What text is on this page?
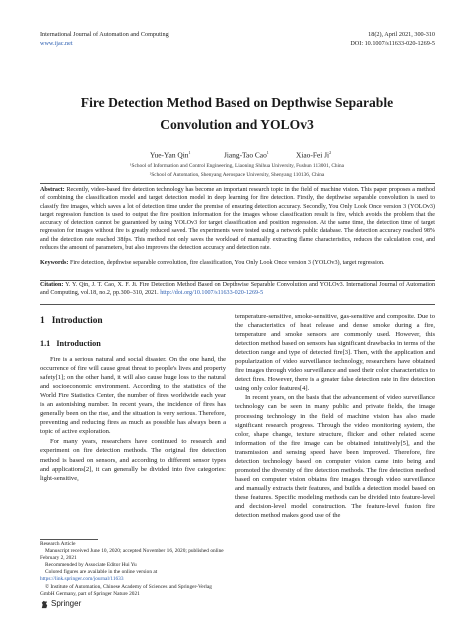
International Journal of Automation and Computing
www.ijac.net
18(2), April 2021, 300-310
DOI: 10.1007/s11633-020-1269-5
Fire Detection Method Based on Depthwise Separable
Convolution and YOLOv3
Yue-Yan Qin$^1$	Jiang-Tao Cao$^1$	Xiao-Fei Ji$^2$
¹School of Information and Control Engineering, Liaoning Shihua University, Fushun 113001, China
²School of Automation, Shenyang Aerospace University, Shenyang 110136, China
Abstract: Recently, video-based fire detection technology has become an important research topic in the field of machine vision. This paper proposes a method of combining the classification model and target detection model in deep learning for fire detection. Firstly, the depthwise separable convolution is used to classify fire images, which saves a lot of detection time under the premise of ensuring detection accuracy. Secondly, You Only Look Once version 3 (YOLOv3) target regression function is used to output the fire position information for the images whose classification result is fire, which avoids the problem that the accuracy of detection cannot be guaranteed by using YOLOv3 for target classification and position regression. At the same time, the detection time of target regression for images without fire is greatly reduced saved. The experiments were tested using a network public database. The detection accuracy reached 98% and the detection rate reached 38fps. This method not only saves the workload of manually extracting flame characteristics, reduces the calculation cost, and reduces the amount of parameters, but also improves the detection accuracy and detection rate.
Keywords: Fire detection, depthwise separable convolution, fire classification, You Only Look Once version 3 (YOLOv3), target regression.
Citation: Y. Y. Qin, J. T. Cao, X. F. Ji. Fire Detection Method Based on Depthwise Separable Convolution and YOLOv3. International Journal of Automation and Computing, vol.18, no.2, pp.300–310, 2021. http://doi.org/10.1007/s11633-020-1269-5
1 Introduction
1.1 Introduction

Fire is a serious natural and social disaster. On the one hand, the occurrence of fire will cause great threat to people's lives and property safety[1]; on the other hand, it will also cause huge loss to the natural and socioeconomic environment. According to the statistics of the World Fire Statistics Center, the number of fires worldwide each year is an astonishing number. In recent years, the incidence of fires has generally been on the rise, and the situation is very serious. Therefore, preventing and reducing fires as much as possible has always been a topic of active exploration.

For many years, researchers have continued to research and experiment on fire detection methods. The original fire detection method is based on sensors, and according to different sensor types and applications[2], it can generally be divided into five categories: light-sensitive,

Research Article
Manuscript received June 10, 2020; accepted November 16, 2020; published online February 2, 2021
Recommended by Associate Editor Hui Yu
Colored figures are available in the online version at https://link.springer.com/journal/11633
© Institute of Automation, Chinese Academy of Sciences and Springer-Verlag GmbH Germany, part of Springer Nature 2021
Springer

temperature-sensitive, smoke-sensitive, gas-sensitive and composite. Due to the characteristics of heat release and dense smoke during a fire, temperature and smoke sensors are commonly used. However, this detection method based on sensors has significant drawbacks in terms of the detection range and type of detected fire[3]. Then, with the application and popularization of video surveillance technology, researchers have obtained fire images through video surveillance and used their color characteristics to detect fires. However, there is a greater false detection rate in fire detection using only color features[4].

In recent years, on the basis that the advancement of video surveillance technology can be seen in many public and private fields, the image processing technology in the field of machine vision has also made significant research progress. Through the video monitoring system, the color, shape change, texture structure, flicker and other related scene information of the fire image can be obtained intuitively[5], and the transmission and sensing speed have been improved. Therefore, fire detection technology based on computer vision came into being and promoted the diversity of fire detection methods. The fire detection method based on computer vision obtains fire images through video surveillance and manually extracts their features, and builds a detection model based on these features. Specific modeling methods can be divided into feature-level and decision-level model construction. The feature-level fusion fire detection method makes good use of the
